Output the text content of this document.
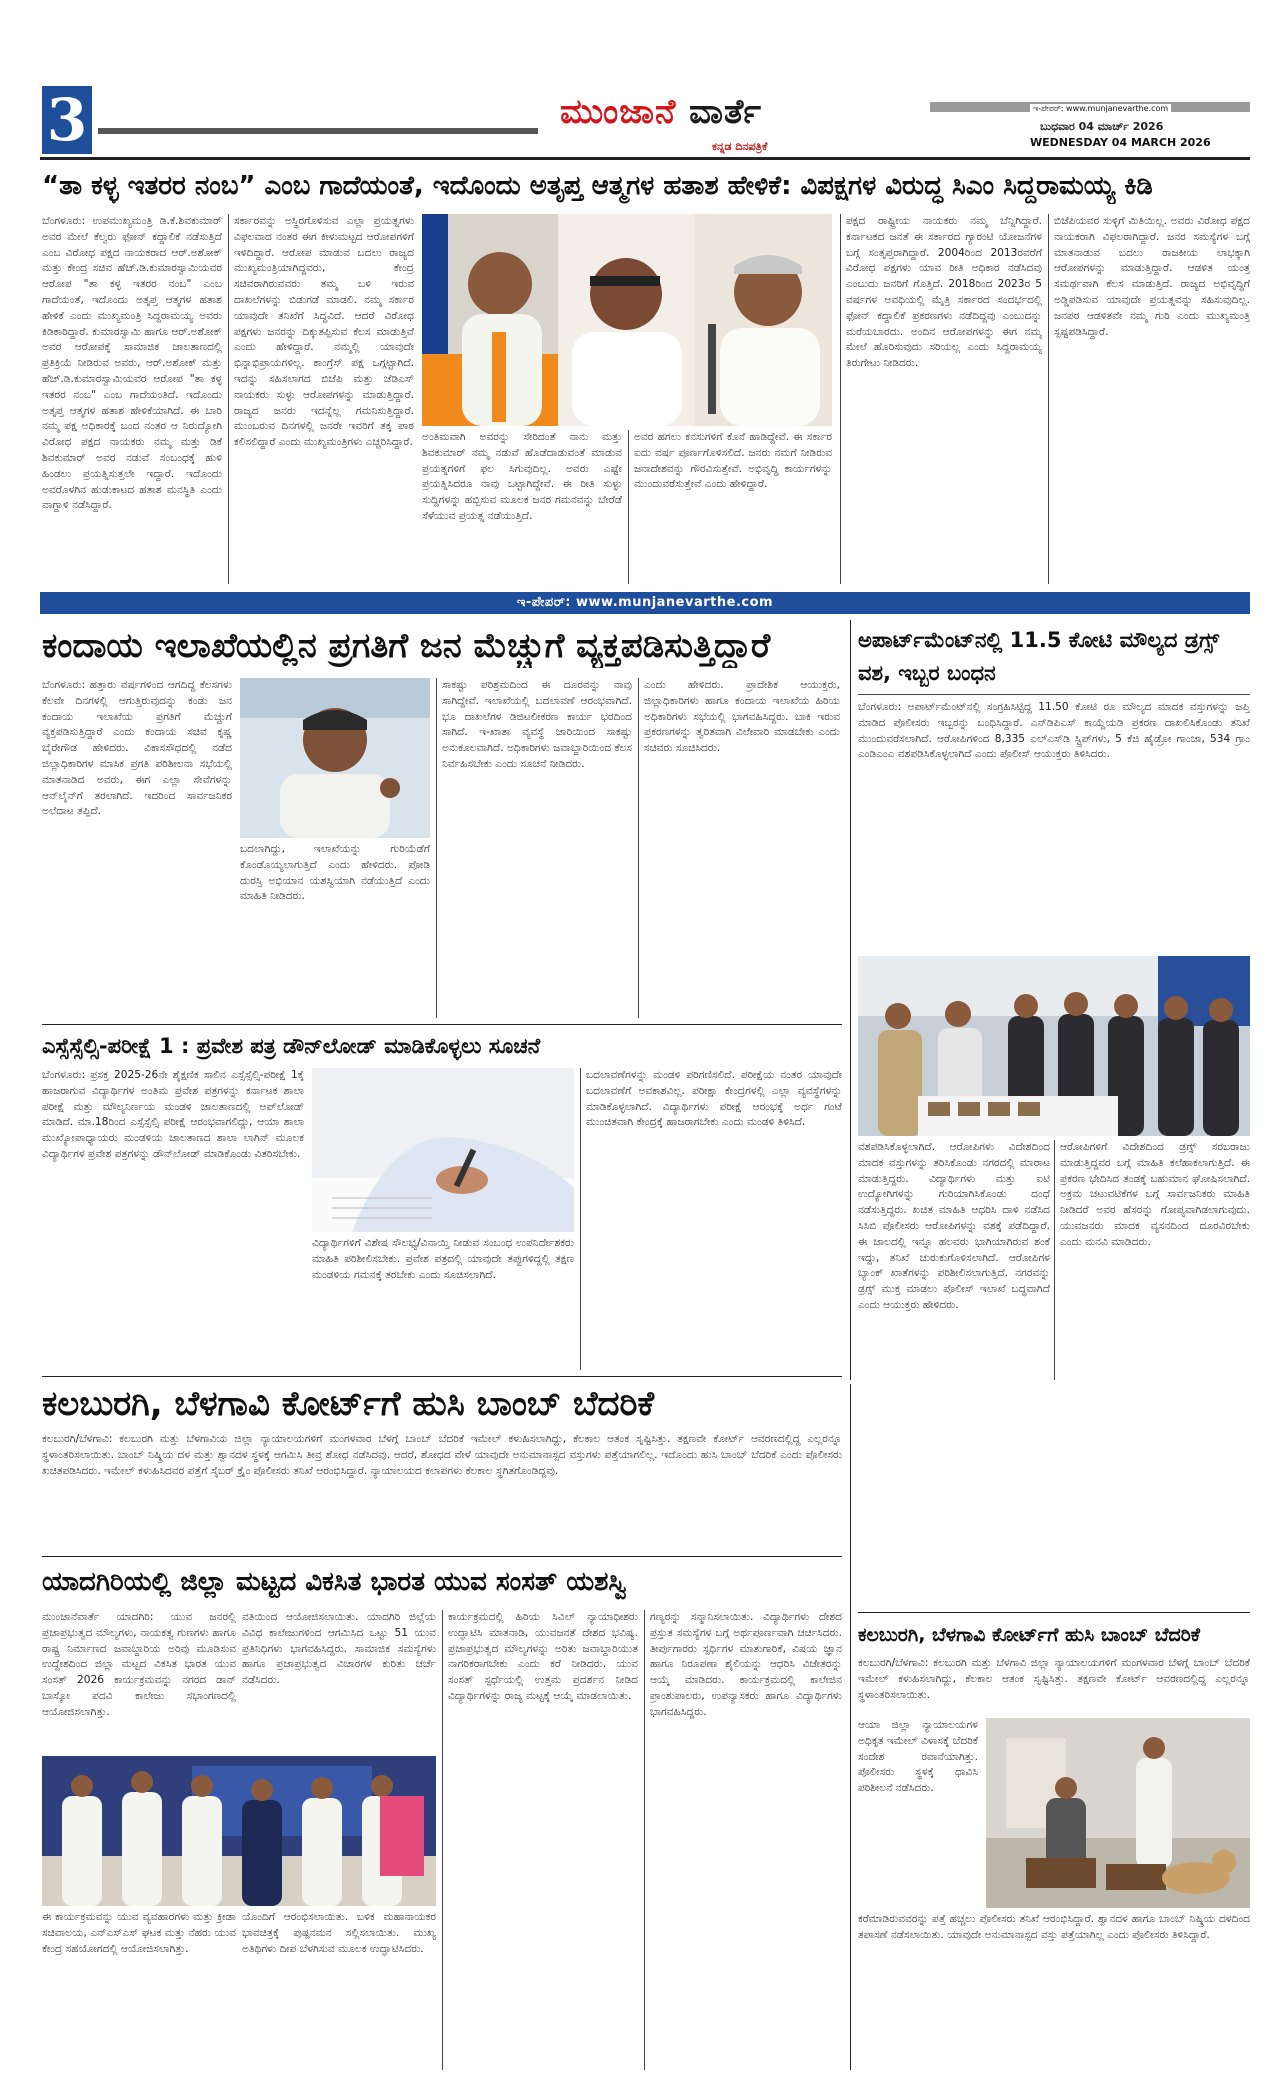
3	ಮುಂಜಾನೆ ವಾರ್ತೆ
ಕನ್ನಡ ದಿನಪತ್ರಿಕೆ
ಇ-ಪೇಪರ್: www.munjanevarthe.com
ಬುಧವಾರ 04 ಮಾರ್ಚ್ 2026
WEDNESDAY 04 MARCH 2026
“ತಾ ಕಳ್ಳ ಇತರರ ನಂಬ” ಎಂಬ ಗಾದೆಯಂತೆ, ಇದೊಂದು ಅತೃಪ್ತ ಆತ್ಮಗಳ ಹತಾಶ ಹೇಳಿಕೆ: ವಿಪಕ್ಷಗಳ ವಿರುದ್ಧ ಸಿಎಂ ಸಿದ್ದರಾಮಯ್ಯ ಕಿಡಿ
ಬೆಂಗಳೂರು: ಉಪಮುಖ್ಯಮಂತ್ರಿ ಡಿ.ಕೆ.ಶಿವಕುಮಾರ್ ಅವರ ಮೇಲೆ ಕೆಲ್ವರು ಫೋನ್ ಕದ್ದಾಲಿಕೆ ನಡೆಸುತ್ತಿದೆ ಎಂಬ ವಿರೋಧ ಪಕ್ಷದ ನಾಯಕರಾದ ಆರ್.ಅಶೋಕ್ ಮತ್ತು ಕೇಂದ್ರ ಸಚಿವ ಹೆಚ್.ಡಿ.ಕುಮಾರಸ್ವಾಮಿಯವರ ಆರೋಪ "ತಾ ಕಳ್ಳ ಇತರರ ನಂಬ" ಎಂಬ ಗಾದೆಯಂತೆ, ಇದೊಂದು ಅತೃಪ್ತ ಆತ್ಮಗಳ ಹತಾಶ ಹೇಳಿಕೆ ಎಂದು ಮುಖ್ಯಮಂತ್ರಿ ಸಿದ್ದರಾಮಯ್ಯ ಅವರು ಕಿಡಿಕಾರಿದ್ದಾರೆ. ಕುಮಾರಸ್ವಾಮಿ ಹಾಗೂ ಆರ್.ಅಶೋಕ್ ಅವರ ಆರೋಪಕ್ಕೆ ಸಾಮಾಜಿಕ ಜಾಲತಾಣದಲ್ಲಿ ಪ್ರತಿಕ್ರಿಯೆ ನೀಡಿರುವ ಅವರು, ಆರ್.ಅಶೋಕ್ ಮತ್ತು ಹೆಚ್.ಡಿ.ಕುಮಾರಸ್ವಾಮಿಯವರ ಆರೋಪ "ತಾ ಕಳ್ಳ ಇತರರ ನಂಬ" ಎಂಬ ಗಾದೆಯಂತಿದೆ. ಇದೊಂದು ಅತೃಪ್ತ ಆತ್ಮಗಳ ಹತಾಶ ಹೇಳಿಕೆಯಾಗಿದೆ. ಈ ಬಾರಿ ನಮ್ಮ ಪಕ್ಷ ಅಧಿಕಾರಕ್ಕೆ ಬಂದ ನಂತರ ಆ ನಿರುದ್ಯೋಗಿ ವಿರೋಧ ಪಕ್ಷದ ನಾಯಕರು ನಮ್ಮ ಮತ್ತು ಡಿಕೆ ಶಿವಕುಮಾರ್ ಅವರ ನಡುವೆ ಸಂಬಂಧಕ್ಕೆ ಹುಳಿ ಹಿಂಡಲು ಪ್ರಯತ್ನಿಸುತ್ತಲೇ ಇದ್ದಾರೆ. ಇದೊಂದು ಅವರೊಳಗಿನ ಹುಡುಕಾಟದ ಹತಾಶ ಮನಸ್ಥಿತಿ ಎಂದು ವಾಗ್ದಾಳಿ ನಡೆಸಿದ್ದಾರೆ.
ಸರ್ಕಾರವನ್ನು ಅಸ್ಥಿರಗೊಳಿಸುವ ಎಲ್ಲಾ ಪ್ರಯತ್ನಗಳು ವಿಫಲವಾದ ನಂತರ ಈಗ ಕೀಳುಮಟ್ಟದ ಆರೋಪಗಳಿಗೆ ಇಳಿದಿದ್ದಾರೆ. ಆರೋಪ ಮಾಡುವ ಬದಲು ರಾಜ್ಯದ ಮುಖ್ಯಮಂತ್ರಿಯಾಗಿದ್ದವರು, ಕೇಂದ್ರ ಸಚಿವರಾಗಿರುವವರು ತಮ್ಮ ಬಳಿ ಇರುವ ದಾಖಲೆಗಳನ್ನು ಬಿಡುಗಡೆ ಮಾಡಲಿ. ನಮ್ಮ ಸರ್ಕಾರ ಯಾವುದೇ ತನಿಖೆಗೆ ಸಿದ್ಧವಿದೆ. ಆದರೆ ವಿರೋಧ ಪಕ್ಷಗಳು ಜನರನ್ನು ದಿಕ್ಕುತಪ್ಪಿಸುವ ಕೆಲಸ ಮಾಡುತ್ತಿವೆ ಎಂದು ಹೇಳಿದ್ದಾರೆ. ನಮ್ಮಲ್ಲಿ ಯಾವುದೇ ಭಿನ್ನಾಭಿಪ್ರಾಯಗಳಿಲ್ಲ. ಕಾಂಗ್ರೆಸ್ ಪಕ್ಷ ಒಗ್ಗಟ್ಟಾಗಿದೆ. ಇದನ್ನು ಸಹಿಸಲಾಗದ ಬಿಜೆಪಿ ಮತ್ತು ಜೆಡಿಎಸ್ ನಾಯಕರು ಸುಳ್ಳು ಆರೋಪಗಳನ್ನು ಮಾಡುತ್ತಿದ್ದಾರೆ. ರಾಜ್ಯದ ಜನರು ಇದನ್ನೆಲ್ಲ ಗಮನಿಸುತ್ತಿದ್ದಾರೆ. ಮುಂಬರುವ ದಿನಗಳಲ್ಲಿ ಜನರೇ ಇವರಿಗೆ ತಕ್ಕ ಪಾಠ ಕಲಿಸಲಿದ್ದಾರೆ ಎಂದು ಮುಖ್ಯಮಂತ್ರಿಗಳು ಎಚ್ಚರಿಸಿದ್ದಾರೆ. ಅಂತಿಮವಾಗಿ ಅವರನ್ನು ಸೇರಿದಂತೆ ನಾನು ಮತ್ತು ಶಿವಕುಮಾರ್ ನಮ್ಮ ನಡುವೆ ಹೊಡೆದಾಡುವಂತೆ ಮಾಡುವ ಪ್ರಯತ್ನಗಳಿಗೆ ಫಲ ಸಿಗುವುದಿಲ್ಲ. ಅವರು ಎಷ್ಟೇ ಪ್ರಯತ್ನಿಸಿದರೂ ನಾವು ಒಟ್ಟಾಗಿದ್ದೇವೆ. ಈ ರೀತಿ ಸುಳ್ಳು ಸುದ್ದಿಗಳನ್ನು ಹಬ್ಬಿಸುವ ಮೂಲಕ ಜನರ ಗಮನವನ್ನು ಬೇರೆಡೆ ಸೆಳೆಯುವ ಪ್ರಯತ್ನ ನಡೆಯುತ್ತಿದೆ.
ಅವರ ಹಗಲು ಕನಸುಗಳಿಗೆ ಕೊನೆ ಹಾಡಿದ್ದೇವೆ. ಈ ಸರ್ಕಾರ ಐದು ವರ್ಷ ಪೂರ್ಣಗೊಳಿಸಲಿದೆ. ಜನರು ನಮಗೆ ನೀಡಿರುವ ಜನಾದೇಶವನ್ನು ಗೌರವಿಸುತ್ತೇವೆ. ಅಭಿವೃದ್ಧಿ ಕಾರ್ಯಗಳನ್ನು ಮುಂದುವರೆಸುತ್ತೇವೆ ಎಂದು ಹೇಳಿದ್ದಾರೆ.
ಪಕ್ಷದ ರಾಷ್ಟ್ರೀಯ ನಾಯಕರು ನಮ್ಮ ಬೆನ್ನಿಗಿದ್ದಾರೆ. ಕರ್ನಾಟಕದ ಜನತೆ ಈ ಸರ್ಕಾರದ ಗ್ಯಾರಂಟಿ ಯೋಜನೆಗಳ ಬಗ್ಗೆ ಸಂತೃಪ್ತರಾಗಿದ್ದಾರೆ. 2004ರಿಂದ 2013ರವರೆಗೆ ವಿರೋಧ ಪಕ್ಷಗಳು ಯಾವ ರೀತಿ ಅಧಿಕಾರ ನಡೆಸಿದವು ಎಂಬುದು ಜನರಿಗೆ ಗೊತ್ತಿದೆ. 2018ರಿಂದ 2023ರ 5 ವರ್ಷಗಳ ಅವಧಿಯಲ್ಲಿ ಮೈತ್ರಿ ಸರ್ಕಾರದ ಸಂದರ್ಭದಲ್ಲಿ ಫೋನ್ ಕದ್ದಾಲಿಕೆ ಪ್ರಕರಣಗಳು ನಡೆದಿದ್ದವು ಎಂಬುದನ್ನು ಮರೆಯಬಾರದು. ಅಂದಿನ ಆರೋಪಗಳನ್ನು ಈಗ ನಮ್ಮ ಮೇಲೆ ಹೊರಿಸುವುದು ಸರಿಯಲ್ಲ ಎಂದು ಸಿದ್ದರಾಮಯ್ಯ ತಿರುಗೇಟು ನೀಡಿದರು.
ಬಿಜೆಪಿಯವರ ಸುಳ್ಳಿಗೆ ಮಿತಿಯಿಲ್ಲ. ಅವರು ವಿರೋಧ ಪಕ್ಷದ ನಾಯಕರಾಗಿ ವಿಫಲರಾಗಿದ್ದಾರೆ. ಜನರ ಸಮಸ್ಯೆಗಳ ಬಗ್ಗೆ ಮಾತನಾಡುವ ಬದಲು ರಾಜಕೀಯ ಲಾಭಕ್ಕಾಗಿ ಆರೋಪಗಳನ್ನು ಮಾಡುತ್ತಿದ್ದಾರೆ. ಆಡಳಿತ ಯಂತ್ರ ಸಮರ್ಥವಾಗಿ ಕೆಲಸ ಮಾಡುತ್ತಿದೆ. ರಾಜ್ಯದ ಅಭಿವೃದ್ಧಿಗೆ ಅಡ್ಡಿಪಡಿಸುವ ಯಾವುದೇ ಪ್ರಯತ್ನವನ್ನು ಸಹಿಸುವುದಿಲ್ಲ. ಜನಪರ ಆಡಳಿತವೇ ನಮ್ಮ ಗುರಿ ಎಂದು ಮುಖ್ಯಮಂತ್ರಿ ಸ್ಪಷ್ಟಪಡಿಸಿದ್ದಾರೆ.
ಇ-ಪೇಪರ್: www.munjanevarthe.com
ಕಂದಾಯ ಇಲಾಖೆಯಲ್ಲಿನ ಪ್ರಗತಿಗೆ ಜನ ಮೆಚ್ಚುಗೆ ವ್ಯಕ್ತಪಡಿಸುತ್ತಿದ್ದಾರೆ
ಬೆಂಗಳೂರು: ಹತ್ತಾರು ವರ್ಷಗಳಿಂದ ಆಗದಿದ್ದ ಕೆಲಸಗಳು ಕೆಲವೇ ದಿನಗಳಲ್ಲಿ ಆಗುತ್ತಿರುವುದನ್ನು ಕಂಡು ಜನ ಕಂದಾಯ ಇಲಾಖೆಯ ಪ್ರಗತಿಗೆ ಮೆಚ್ಚುಗೆ ವ್ಯಕ್ತಪಡಿಸುತ್ತಿದ್ದಾರೆ ಎಂದು ಕಂದಾಯ ಸಚಿವ ಕೃಷ್ಣ ಬೈರೇಗೌಡ ಹೇಳಿದರು. ವಿಕಾಸಸೌಧದಲ್ಲಿ ನಡೆದ ಜಿಲ್ಲಾಧಿಕಾರಿಗಳ ಮಾಸಿಕ ಪ್ರಗತಿ ಪರಿಶೀಲನಾ ಸಭೆಯಲ್ಲಿ ಮಾತನಾಡಿದ ಅವರು, ಈಗ ಎಲ್ಲಾ ಸೇವೆಗಳನ್ನು ಆನ್‌ಲೈನ್‌ಗೆ ತರಲಾಗಿದೆ. ಇದರಿಂದ ಸಾರ್ವಜನಿಕರ ಅಲೆದಾಟ ತಪ್ಪಿದೆ.
ಬದಲಾಗಿದ್ದು, ಇಲಾಖೆಯನ್ನು ಗುರಿಯೆಡೆಗೆ ಕೊಂಡೊಯ್ಯಲಾಗುತ್ತಿದೆ ಎಂದು ಹೇಳಿದರು. ಪೋಡಿ ದುರಸ್ತಿ ಅಭಿಯಾನ ಯಶಸ್ವಿಯಾಗಿ ನಡೆಯುತ್ತಿದೆ ಎಂದು ಮಾಹಿತಿ ನೀಡಿದರು.
ಸಾಕಷ್ಟು ಪರಿಶ್ರಮದಿಂದ ಈ ದೂರವನ್ನು ನಾವು ಸಾಗಿದ್ದೇವೆ. ಇಲಾಖೆಯಲ್ಲಿ ಬದಲಾವಣೆ ಆರಂಭವಾಗಿದೆ. ಭೂ ದಾಖಲೆಗಳ ಡಿಜಿಟಲೀಕರಣ ಕಾರ್ಯ ಭರದಿಂದ ಸಾಗಿದೆ. ಇ-ಖಾತಾ ವ್ಯವಸ್ಥೆ ಜಾರಿಯಿಂದ ಸಾಕಷ್ಟು ಅನುಕೂಲವಾಗಿದೆ. ಅಧಿಕಾರಿಗಳು ಜವಾಬ್ದಾರಿಯಿಂದ ಕೆಲಸ ನಿರ್ವಹಿಸಬೇಕು ಎಂದು ಸೂಚನೆ ನೀಡಿದರು.
ಎಂದು ಹೇಳಿದರು. ಪ್ರಾದೇಶಿಕ ಆಯುಕ್ತರು, ಜಿಲ್ಲಾಧಿಕಾರಿಗಳು ಹಾಗೂ ಕಂದಾಯ ಇಲಾಖೆಯ ಹಿರಿಯ ಅಧಿಕಾರಿಗಳು ಸಭೆಯಲ್ಲಿ ಭಾಗವಹಿಸಿದ್ದರು. ಬಾಕಿ ಇರುವ ಪ್ರಕರಣಗಳನ್ನು ತ್ವರಿತವಾಗಿ ವಿಲೇವಾರಿ ಮಾಡಬೇಕು ಎಂದು ಸಚಿವರು ಸೂಚಿಸಿದರು.
ಅಪಾರ್ಟ್‌ಮೆಂಟ್‌ನಲ್ಲಿ 11.5 ಕೋಟಿ ಮೌಲ್ಯದ ಡ್ರಗ್ಸ್ ವಶ, ಇಬ್ಬರ ಬಂಧನ
ಬೆಂಗಳೂರು: ಅಪಾರ್ಟ್‌ಮೆಂಟ್‌ನಲ್ಲಿ ಸಂಗ್ರಹಿಸಿಟ್ಟಿದ್ದ 11.50 ಕೋಟಿ ರೂ ಮೌಲ್ಯದ ಮಾದಕ ವಸ್ತುಗಳನ್ನು ಜಪ್ತಿ ಮಾಡಿದ ಪೊಲೀಸರು ಇಬ್ಬರನ್ನು ಬಂಧಿಸಿದ್ದಾರೆ. ಎನ್‌ಡಿಪಿಎಸ್ ಕಾಯ್ದೆಯಡಿ ಪ್ರಕರಣ ದಾಖಲಿಸಿಕೊಂಡು ತನಿಖೆ ಮುಂದುವರೆಸಲಾಗಿದೆ. ಆರೋಪಿಗಳಿಂದ 8,335 ಎಲ್‌ಎಸ್‌ಡಿ ಸ್ಟ್ರಿಪ್‌ಗಳು, 5 ಕೆಜಿ ಹೈಡ್ರೋ ಗಾಂಜಾ, 534 ಗ್ರಾಂ ಎಂಡಿಎಂಎ ವಶಪಡಿಸಿಕೊಳ್ಳಲಾಗಿದೆ ಎಂದು ಪೊಲೀಸ್ ಆಯುಕ್ತರು ತಿಳಿಸಿದರು.
ವಶಪಡಿಸಿಕೊಳ್ಳಲಾಗಿದೆ. ಆರೋಪಿಗಳು ವಿದೇಶದಿಂದ ಮಾದಕ ವಸ್ತುಗಳನ್ನು ತರಿಸಿಕೊಂಡು ನಗರದಲ್ಲಿ ಮಾರಾಟ ಮಾಡುತ್ತಿದ್ದರು. ವಿದ್ಯಾರ್ಥಿಗಳು ಮತ್ತು ಐಟಿ ಉದ್ಯೋಗಿಗಳನ್ನು ಗುರಿಯಾಗಿಸಿಕೊಂಡು ದಂಧೆ ನಡೆಸುತ್ತಿದ್ದರು. ಖಚಿತ ಮಾಹಿತಿ ಆಧರಿಸಿ ದಾಳಿ ನಡೆಸಿದ ಸಿಸಿಬಿ ಪೊಲೀಸರು ಆರೋಪಿಗಳನ್ನು ವಶಕ್ಕೆ ಪಡೆದಿದ್ದಾರೆ. ಈ ಜಾಲದಲ್ಲಿ ಇನ್ನೂ ಹಲವರು ಭಾಗಿಯಾಗಿರುವ ಶಂಕೆ ಇದ್ದು, ತನಿಖೆ ಚುರುಕುಗೊಳಿಸಲಾಗಿದೆ. ಆರೋಪಿಗಳ ಬ್ಯಾಂಕ್ ಖಾತೆಗಳನ್ನು ಪರಿಶೀಲಿಸಲಾಗುತ್ತಿದೆ. ನಗರವನ್ನು ಡ್ರಗ್ಸ್ ಮುಕ್ತ ಮಾಡಲು ಪೊಲೀಸ್ ಇಲಾಖೆ ಬದ್ಧವಾಗಿದೆ ಎಂದು ಆಯುಕ್ತರು ಹೇಳಿದರು.
ಆರೋಪಿಗಳಿಗೆ ವಿದೇಶದಿಂದ ಡ್ರಗ್ಸ್ ಸರಬರಾಜು ಮಾಡುತ್ತಿದ್ದವರ ಬಗ್ಗೆ ಮಾಹಿತಿ ಕಲೆಹಾಕಲಾಗುತ್ತಿದೆ. ಈ ಪ್ರಕರಣ ಭೇದಿಸಿದ ತಂಡಕ್ಕೆ ಬಹುಮಾನ ಘೋಷಿಸಲಾಗಿದೆ. ಅಕ್ರಮ ಚಟುವಟಿಕೆಗಳ ಬಗ್ಗೆ ಸಾರ್ವಜನಿಕರು ಮಾಹಿತಿ ನೀಡಿದರೆ ಅವರ ಹೆಸರನ್ನು ಗೋಪ್ಯವಾಗಿಡಲಾಗುವುದು. ಯುವಜನರು ಮಾದಕ ವ್ಯಸನದಿಂದ ದೂರವಿರಬೇಕು ಎಂದು ಮನವಿ ಮಾಡಿದರು.
ಎಸ್ಸೆಸ್ಸೆಲ್ಸಿ-ಪರೀಕ್ಷೆ 1 : ಪ್ರವೇಶ ಪತ್ರ ಡೌನ್‌ಲೋಡ್ ಮಾಡಿಕೊಳ್ಳಲು ಸೂಚನೆ
ಬೆಂಗಳೂರು: ಪ್ರಸಕ್ತ 2025-26ನೇ ಶೈಕ್ಷಣಿಕ ಸಾಲಿನ ಎಸ್ಸೆಸ್ಸೆಲ್ಸಿ-ಪರೀಕ್ಷೆ 1ಕ್ಕೆ ಹಾಜರಾಗುವ ವಿದ್ಯಾರ್ಥಿಗಳ ಅಂತಿಮ ಪ್ರವೇಶ ಪತ್ರಗಳನ್ನು ಕರ್ನಾಟಕ ಶಾಲಾ ಪರೀಕ್ಷೆ ಮತ್ತು ಮೌಲ್ಯನಿರ್ಣಯ ಮಂಡಳಿ ಜಾಲತಾಣದಲ್ಲಿ ಅಪ್‌ಲೋಡ್ ಮಾಡಿದೆ. ಮಾ.18ರಿಂದ ಎಸ್ಸೆಸ್ಸೆಲ್ಸಿ ಪರೀಕ್ಷೆ ಆರಂಭವಾಗಲಿದ್ದು, ಆಯಾ ಶಾಲಾ ಮುಖ್ಯೋಪಾಧ್ಯಾಯರು ಮಂಡಳಿಯ ಜಾಲತಾಣದ ಶಾಲಾ ಲಾಗಿನ್ ಮೂಲಕ ವಿದ್ಯಾರ್ಥಿಗಳ ಪ್ರವೇಶ ಪತ್ರಗಳನ್ನು ಡೌನ್‌ಲೋಡ್ ಮಾಡಿಕೊಂಡು ವಿತರಿಸಬೇಕು.
ವಿದ್ಯಾರ್ಥಿಗಳಿಗೆ ವಿಶೇಷ ಸೌಲಭ್ಯ/ವಿನಾಯ್ತಿ ನೀಡುವ ಸಂಬಂಧ ಉಪನಿರ್ದೇಶಕರು ಮಾಹಿತಿ ಪರಿಶೀಲಿಸಬೇಕು. ಪ್ರವೇಶ ಪತ್ರದಲ್ಲಿ ಯಾವುದೇ ತಪ್ಪುಗಳಿದ್ದಲ್ಲಿ ತಕ್ಷಣ ಮಂಡಳಿಯ ಗಮನಕ್ಕೆ ತರಬೇಕು ಎಂದು ಸೂಚಿಸಲಾಗಿದೆ.
ಬದಲಾವಣೆಗಳನ್ನು ಮಂಡಳಿ ಪರಿಗಣಿಸಲಿದೆ. ಪರೀಕ್ಷೆಯ ನಂತರ ಯಾವುದೇ ಬದಲಾವಣೆಗೆ ಅವಕಾಶವಿಲ್ಲ. ಪರೀಕ್ಷಾ ಕೇಂದ್ರಗಳಲ್ಲಿ ಎಲ್ಲಾ ವ್ಯವಸ್ಥೆಗಳನ್ನು ಮಾಡಿಕೊಳ್ಳಲಾಗಿದೆ. ವಿದ್ಯಾರ್ಥಿಗಳು ಪರೀಕ್ಷೆ ಆರಂಭಕ್ಕೆ ಅರ್ಧ ಗಂಟೆ ಮುಂಚಿತವಾಗಿ ಕೇಂದ್ರಕ್ಕೆ ಹಾಜರಾಗಬೇಕು ಎಂದು ಮಂಡಳಿ ತಿಳಿಸಿದೆ.
ಕಲಬುರಗಿ, ಬೆಳಗಾವಿ ಕೋರ್ಟ್‌ಗೆ ಹುಸಿ ಬಾಂಬ್ ಬೆದರಿಕೆ
ಕಲಬುರಗಿ/ಬೆಳಗಾವಿ: ಕಲಬುರಗಿ ಮತ್ತು ಬೆಳಗಾವಿಯ ಜಿಲ್ಲಾ ನ್ಯಾಯಾಲಯಗಳಿಗೆ ಮಂಗಳವಾರ ಬೆಳಗ್ಗೆ ಬಾಂಬ್ ಬೆದರಿಕೆ ಇಮೇಲ್ ಕಳುಹಿಸಲಾಗಿದ್ದು, ಕೆಲಕಾಲ ಆತಂಕ ಸೃಷ್ಟಿಸಿತ್ತು. ತಕ್ಷಣವೇ ಕೋರ್ಟ್ ಆವರಣದಲ್ಲಿದ್ದ ಎಲ್ಲರನ್ನೂ ಸ್ಥಳಾಂತರಿಸಲಾಯಿತು. ಬಾಂಬ್ ನಿಷ್ಕ್ರಿಯ ದಳ ಮತ್ತು ಶ್ವಾನದಳ ಸ್ಥಳಕ್ಕೆ ಆಗಮಿಸಿ ತೀವ್ರ ಶೋಧ ನಡೆಸಿದವು. ಆದರೆ, ಶೋಧದ ವೇಳೆ ಯಾವುದೇ ಅನುಮಾನಾಸ್ಪದ ವಸ್ತುಗಳು ಪತ್ತೆಯಾಗಲಿಲ್ಲ. ಇದೊಂದು ಹುಸಿ ಬಾಂಬ್ ಬೆದರಿಕೆ ಎಂದು ಪೊಲೀಸರು ಖಚಿತಪಡಿಸಿದರು. ಇಮೇಲ್ ಕಳುಹಿಸಿದವರ ಪತ್ತೆಗೆ ಸೈಬರ್ ಕ್ರೈಂ ಪೊಲೀಸರು ತನಿಖೆ ಆರಂಭಿಸಿದ್ದಾರೆ. ನ್ಯಾಯಾಲಯದ ಕಲಾಪಗಳು ಕೆಲಕಾಲ ಸ್ಥಗಿತಗೊಂಡಿದ್ದವು.
ಯಾದಗಿರಿಯಲ್ಲಿ ಜಿಲ್ಲಾ ಮಟ್ಟದ ವಿಕಸಿತ ಭಾರತ ಯುವ ಸಂಸತ್ ಯಶಸ್ವಿ
ಮುಂಜಾನೆವಾರ್ತೆ ಯಾದಗಿರಿ: ಯುವ ಜನರಲ್ಲಿ ಪ್ರಜಾಪ್ರಭುತ್ವದ ಮೌಲ್ಯಗಳು, ನಾಯಕತ್ವ ಗುಣಗಳು ಹಾಗೂ ರಾಷ್ಟ್ರ ನಿರ್ಮಾಣದ ಜವಾಬ್ದಾರಿಯ ಅರಿವು ಮೂಡಿಸುವ ಉದ್ದೇಶದಿಂದ ಜಿಲ್ಲಾ ಮಟ್ಟದ ವಿಕಸಿತ ಭಾರತ ಯುವ ಸಂಸತ್ 2026 ಕಾರ್ಯಕ್ರಮವನ್ನು ನಗರದ ಡಾನ್ ಬಾಸ್ಕೋ ಪದವಿ ಕಾಲೇಜು ಸಭಾಂಗಣದಲ್ಲಿ ಆಯೋಜಿಸಲಾಗಿತ್ತು.
ವತಿಯಿಂದ ಆಯೋಜಿಸಲಾಯಿತು. ಯಾದಗಿರಿ ಜಿಲ್ಲೆಯ ವಿವಿಧ ಕಾಲೇಜುಗಳಿಂದ ಆಗಮಿಸಿದ ಒಟ್ಟು 51 ಯುವ ಪ್ರತಿನಿಧಿಗಳು ಭಾಗವಹಿಸಿದ್ದರು. ಸಾಮಾಜಿಕ ಸಮಸ್ಯೆಗಳು ಹಾಗೂ ಪ್ರಜಾಪ್ರಭುತ್ವದ ವಿಚಾರಗಳ ಕುರಿತು ಚರ್ಚೆ ನಡೆಸಿದರು.
ಈ ಕಾರ್ಯಕ್ರಮವನ್ನು ಯುವ ವ್ಯವಹಾರಗಳು ಮತ್ತು ಕ್ರೀಡಾ ಸಚಿವಾಲಯ, ಎನ್‌ಎಸ್‌ಎಸ್ ಘಟಕ ಮತ್ತು ನೆಹರು ಯುವ ಕೇಂದ್ರ ಸಹಯೋಗದಲ್ಲಿ ಆಯೋಜಿಸಲಾಗಿತ್ತು.
ಯೊಂದಿಗೆ ಆರಂಭಿಸಲಾಯಿತು. ಬಳಿಕ ಮಹಾನಾಯಕರ ಭಾವಚಿತ್ರಕ್ಕೆ ಪುಷ್ಪನಮನ ಸಲ್ಲಿಸಲಾಯಿತು. ಮುಖ್ಯ ಅತಿಥಿಗಳು ದೀಪ ಬೆಳಗಿಸುವ ಮೂಲಕ ಉದ್ಘಾಟಿಸಿದರು.
ಕಾರ್ಯಕ್ರಮದಲ್ಲಿ ಹಿರಿಯ ಸಿವಿಲ್ ನ್ಯಾಯಾಧೀಶರು ಉದ್ಘಾಟಿಸಿ ಮಾತನಾಡಿ, ಯುವಜನತೆ ದೇಶದ ಭವಿಷ್ಯ. ಪ್ರಜಾಪ್ರಭುತ್ವದ ಮೌಲ್ಯಗಳನ್ನು ಅರಿತು ಜವಾಬ್ದಾರಿಯುತ ನಾಗರಿಕರಾಗಬೇಕು ಎಂದು ಕರೆ ನೀಡಿದರು. ಯುವ ಸಂಸತ್ ಸ್ಪರ್ಧೆಯಲ್ಲಿ ಉತ್ತಮ ಪ್ರದರ್ಶನ ನೀಡಿದ ವಿದ್ಯಾರ್ಥಿಗಳನ್ನು ರಾಜ್ಯ ಮಟ್ಟಕ್ಕೆ ಆಯ್ಕೆ ಮಾಡಲಾಯಿತು.
ಗಣ್ಯರನ್ನು ಸನ್ಮಾನಿಸಲಾಯಿತು. ವಿದ್ಯಾರ್ಥಿಗಳು ದೇಶದ ಪ್ರಸ್ತುತ ಸಮಸ್ಯೆಗಳ ಬಗ್ಗೆ ಅರ್ಥಪೂರ್ಣವಾಗಿ ಚರ್ಚಿಸಿದರು. ತೀರ್ಪುಗಾರರು ಸ್ಪರ್ಧಿಗಳ ಮಾತುಗಾರಿಕೆ, ವಿಷಯ ಜ್ಞಾನ ಹಾಗೂ ನಿರೂಪಣಾ ಶೈಲಿಯನ್ನು ಆಧರಿಸಿ ವಿಜೇತರನ್ನು ಆಯ್ಕೆ ಮಾಡಿದರು. ಕಾರ್ಯಕ್ರಮದಲ್ಲಿ ಕಾಲೇಜಿನ ಪ್ರಾಂಶುಪಾಲರು, ಉಪನ್ಯಾಸಕರು ಹಾಗೂ ವಿದ್ಯಾರ್ಥಿಗಳು ಭಾಗವಹಿಸಿದ್ದರು.
ಕಲಬುರಗಿ, ಬೆಳಗಾವಿ ಕೋರ್ಟ್‌ಗೆ ಹುಸಿ ಬಾಂಬ್ ಬೆದರಿಕೆ
ಕಲಬುರಗಿ/ಬೆಳಗಾವಿ: ಕಲಬುರಗಿ ಮತ್ತು ಬೆಳಗಾವಿ ಜಿಲ್ಲಾ ನ್ಯಾಯಾಲಯಗಳಿಗೆ ಮಂಗಳವಾರ ಬೆಳಗ್ಗೆ ಬಾಂಬ್ ಬೆದರಿಕೆ ಇಮೇಲ್ ಕಳುಹಿಸಲಾಗಿದ್ದು, ಕೆಲಕಾಲ ಆತಂಕ ಸೃಷ್ಟಿಸಿತ್ತು. ತಕ್ಷಣವೇ ಕೋರ್ಟ್ ಆವರಣದಲ್ಲಿದ್ದ ಎಲ್ಲರನ್ನೂ ಸ್ಥಳಾಂತರಿಸಲಾಯಿತು.
ಆಯಾ ಜಿಲ್ಲಾ ನ್ಯಾಯಾಲಯಗಳ ಅಧಿಕೃತ ಇಮೇಲ್ ವಿಳಾಸಕ್ಕೆ ಬೆದರಿಕೆ ಸಂದೇಶ ರವಾನೆಯಾಗಿತ್ತು. ಪೊಲೀಸರು ಸ್ಥಳಕ್ಕೆ ಧಾವಿಸಿ ಪರಿಶೀಲನೆ ನಡೆಸಿದರು.
ಕರೆಮಾಡಿರುವವರನ್ನು ಪತ್ತೆ ಹಚ್ಚಲು ಪೊಲೀಸರು ತನಿಖೆ ಆರಂಭಿಸಿದ್ದಾರೆ. ಶ್ವಾನದಳ ಹಾಗೂ ಬಾಂಬ್ ನಿಷ್ಕ್ರಿಯ ದಳದಿಂದ ತಪಾಸಣೆ ನಡೆಸಲಾಯಿತು. ಯಾವುದೇ ಅನುಮಾನಾಸ್ಪದ ವಸ್ತು ಪತ್ತೆಯಾಗಿಲ್ಲ ಎಂದು ಪೊಲೀಸರು ತಿಳಿಸಿದ್ದಾರೆ.
